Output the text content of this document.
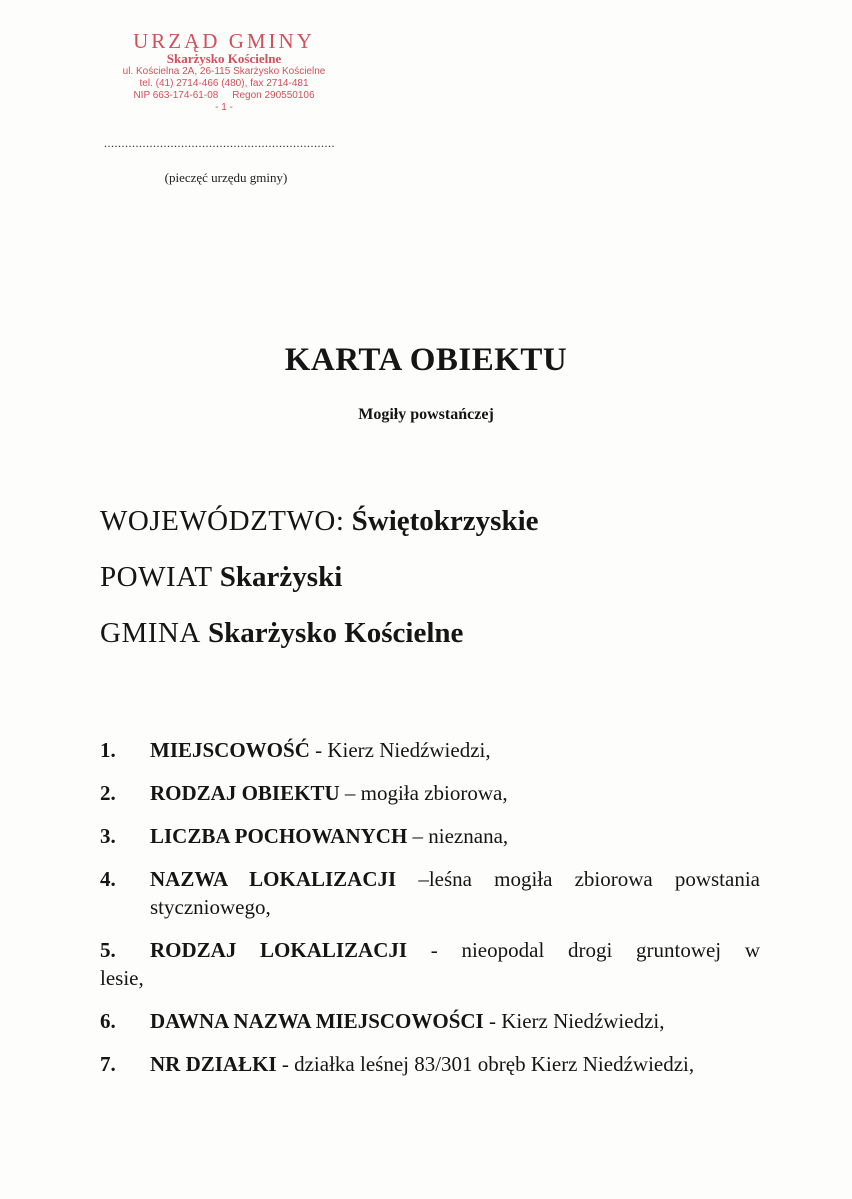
URZĄD GMINY
Skarżysko Kościelne
ul. Kościelna 2A, 26-115 Skarżysko Kościelne
tel. (41) 2714-466 (480), fax 2714-481
NIP 663-174-61-08     Regon 290550106
- 1 -
..................................................................
(pieczęć urzędu gminy)
KARTA OBIEKTU
Mogiły powstańczej
WOJEWÓDZTWO: Świętokrzyskie
POWIAT Skarżyski
GMINA Skarżysko Kościelne
1. MIEJSCOWOŚĆ - Kierz Niedźwiedzi,
2. RODZAJ OBIEKTU – mogiła zbiorowa,
3. LICZBA POCHOWANYCH – nieznana,
4. NAZWA LOKALIZACJI –leśna mogiła zbiorowa powstania styczniowego,
5. RODZAJ LOKALIZACJI - nieopodal drogi gruntowej w
lesie,
6. DAWNA NAZWA MIEJSCOWOŚCI - Kierz Niedźwiedzi,
7. NR DZIAŁKI - działka leśnej 83/301 obręb Kierz Niedźwiedzi,
